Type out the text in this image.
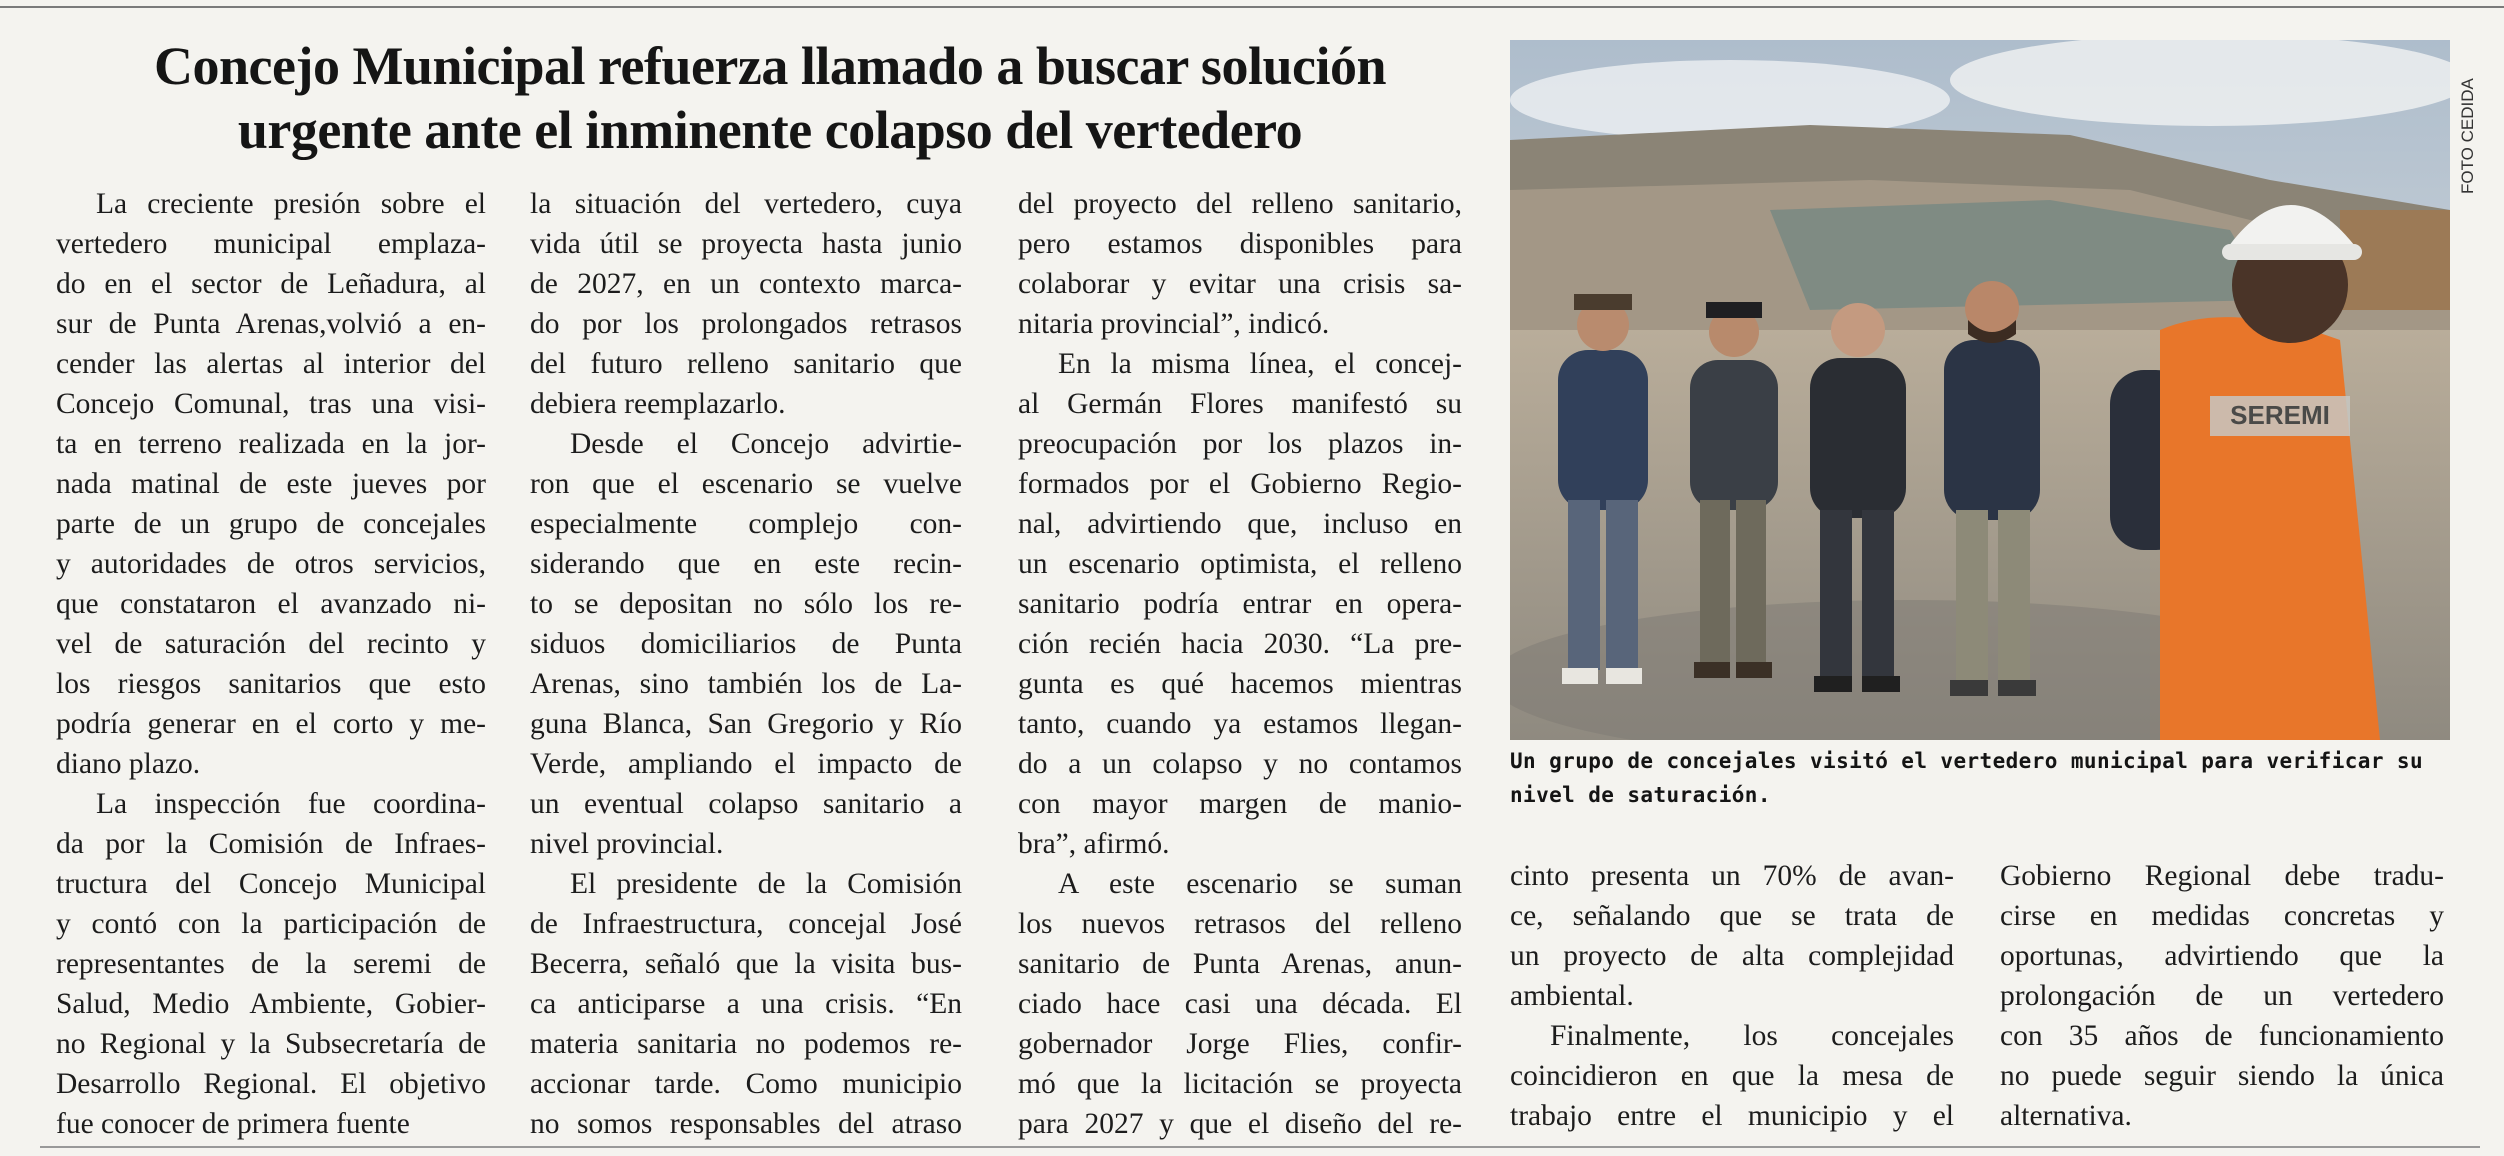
Concejo Municipal refuerza llamado a buscar solución
urgente ante el inminente colapso del vertedero
La creciente presión sobre el
vertedero municipal emplaza-
do en el sector de Leñadura, al
sur de Punta Arenas,volvió a en-
cender las alertas al interior del
Concejo Comunal, tras una visi-
ta en terreno realizada en la jor-
nada matinal de este jueves por
parte de un grupo de concejales
y autoridades de otros servicios,
que constataron el avanzado ni-
vel de saturación del recinto y
los riesgos sanitarios que esto
podría generar en el corto y me-
diano plazo.
La inspección fue coordina-
da por la Comisión de Infraes-
tructura del Concejo Municipal
y contó con la participación de
representantes de la seremi de
Salud, Medio Ambiente, Gobier-
no Regional y la Subsecretaría de
Desarrollo Regional. El objetivo
fue conocer de primera fuente
la situación del vertedero, cuya
vida útil se proyecta hasta junio
de 2027, en un contexto marca-
do por los prolongados retrasos
del futuro relleno sanitario que
debiera reemplazarlo.
Desde el Concejo advirtie-
ron que el escenario se vuelve
especialmente complejo con-
siderando que en este recin-
to se depositan no sólo los re-
siduos domiciliarios de Punta
Arenas, sino también los de La-
guna Blanca, San Gregorio y Río
Verde, ampliando el impacto de
un eventual colapso sanitario a
nivel provincial.
El presidente de la Comisión
de Infraestructura, concejal José
Becerra, señaló que la visita bus-
ca anticiparse a una crisis. “En
materia sanitaria no podemos re-
accionar tarde. Como municipio
no somos responsables del atraso
del proyecto del relleno sanitario,
pero estamos disponibles para
colaborar y evitar una crisis sa-
nitaria provincial”, indicó.
En la misma línea, el concej-
al Germán Flores manifestó su
preocupación por los plazos in-
formados por el Gobierno Regio-
nal, advirtiendo que, incluso en
un escenario optimista, el relleno
sanitario podría entrar en opera-
ción recién hacia 2030. “La pre-
gunta es qué hacemos mientras
tanto, cuando ya estamos llegan-
do a un colapso y no contamos
con mayor margen de manio-
bra”, afirmó.
A este escenario se suman
los nuevos retrasos del relleno
sanitario de Punta Arenas, anun-
ciado hace casi una década. El
gobernador Jorge Flies, confir-
mó que la licitación se proyecta
para 2027 y que el diseño del re-
cinto presenta un 70% de avan-
ce, señalando que se trata de
un proyecto de alta complejidad
ambiental.
Finalmente, los concejales
coincidieron en que la mesa de
trabajo entre el municipio y el
Gobierno Regional debe tradu-
cirse en medidas concretas y
oportunas, advirtiendo que la
prolongación de un vertedero
con 35 años de funcionamiento
no puede seguir siendo la única
alternativa.
SEREMI
FOTO CEDIDA
Un grupo de concejales visitó el vertedero municipal para verificar su
nivel de saturación.
